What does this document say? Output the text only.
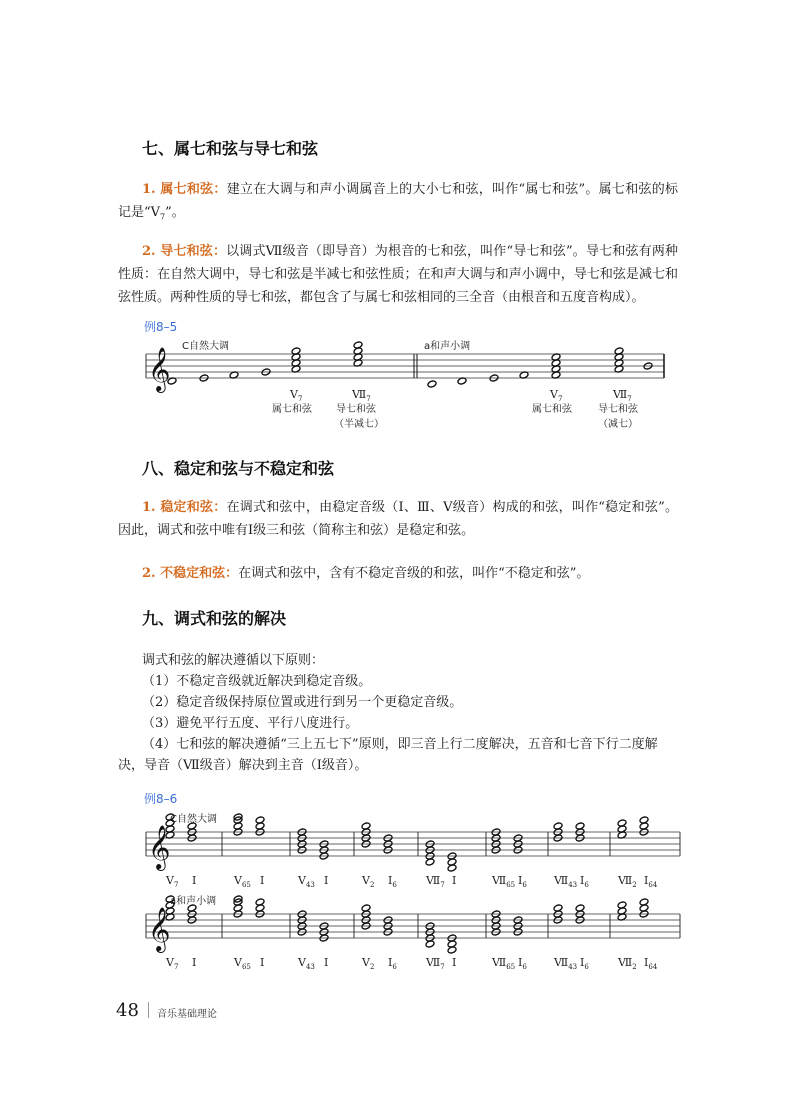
七、属七和弦与导七和弦
1. 属七和弦：建立在大调与和声小调属音上的大小七和弦，叫作“属七和弦”。属七和弦的标记是“$V_7$”。
2. 导七和弦：以调式Ⅶ级音（即导音）为根音的七和弦，叫作“导七和弦”。导七和弦有两种性质：在自然大调中，导七和弦是半减七和弦性质；在和声大调与和声小调中，导七和弦是减七和弦性质。两种性质的导七和弦，都包含了与属七和弦相同的三全音（由根音和五度音构成）。
例8–5
𝄞
C自然大调	a和声小调
$V_7$	$Ⅶ_7$
属七和弦 导七和弦
（半减七）
$V_7$	$Ⅶ_7$
属七和弦	导七和弦
（减七）
八、稳定和弦与不稳定和弦
1. 稳定和弦：在调式和弦中，由稳定音级（Ⅰ、Ⅲ、Ⅴ级音）构成的和弦，叫作“稳定和弦”。因此，调式和弦中唯有Ⅰ级三和弦（简称主和弦）是稳定和弦。
2. 不稳定和弦：在调式和弦中，含有不稳定音级的和弦，叫作“不稳定和弦”。
九、调式和弦的解决
调式和弦的解决遵循以下原则：
（1）不稳定音级就近解决到稳定音级。
（2）稳定音级保持原位置或进行到另一个更稳定音级。
（3）避免平行五度、平行八度进行。
（4）七和弦的解决遵循“三上五七下”原则，即三音上行二度解决，五音和七音下行二度解决，导音（Ⅶ级音）解决到主音（Ⅰ级音）。
例8–6
𝄞
𝄞
C自然大调
a和声小调
$V_7$ Ⅰ	$V_{65}$ Ⅰ	$V_{43}$ Ⅰ	$V_2$ $Ⅰ_6$	$Ⅶ_7$ Ⅰ	$Ⅶ_{65}$ $Ⅰ_6$ $Ⅶ_{43}$ $Ⅰ_6$	$Ⅶ_2$ $Ⅰ_{64}$
$V_7$ Ⅰ	$V_{65}$ Ⅰ	$V_{43}$ Ⅰ	$V_2$ $Ⅰ_6$	$Ⅶ_7$ Ⅰ	$Ⅶ_{65}$ $Ⅰ_6$ $Ⅶ_{43}$ $Ⅰ_6$	$Ⅶ_2$ $Ⅰ_{64}$
48 音乐基础理论
